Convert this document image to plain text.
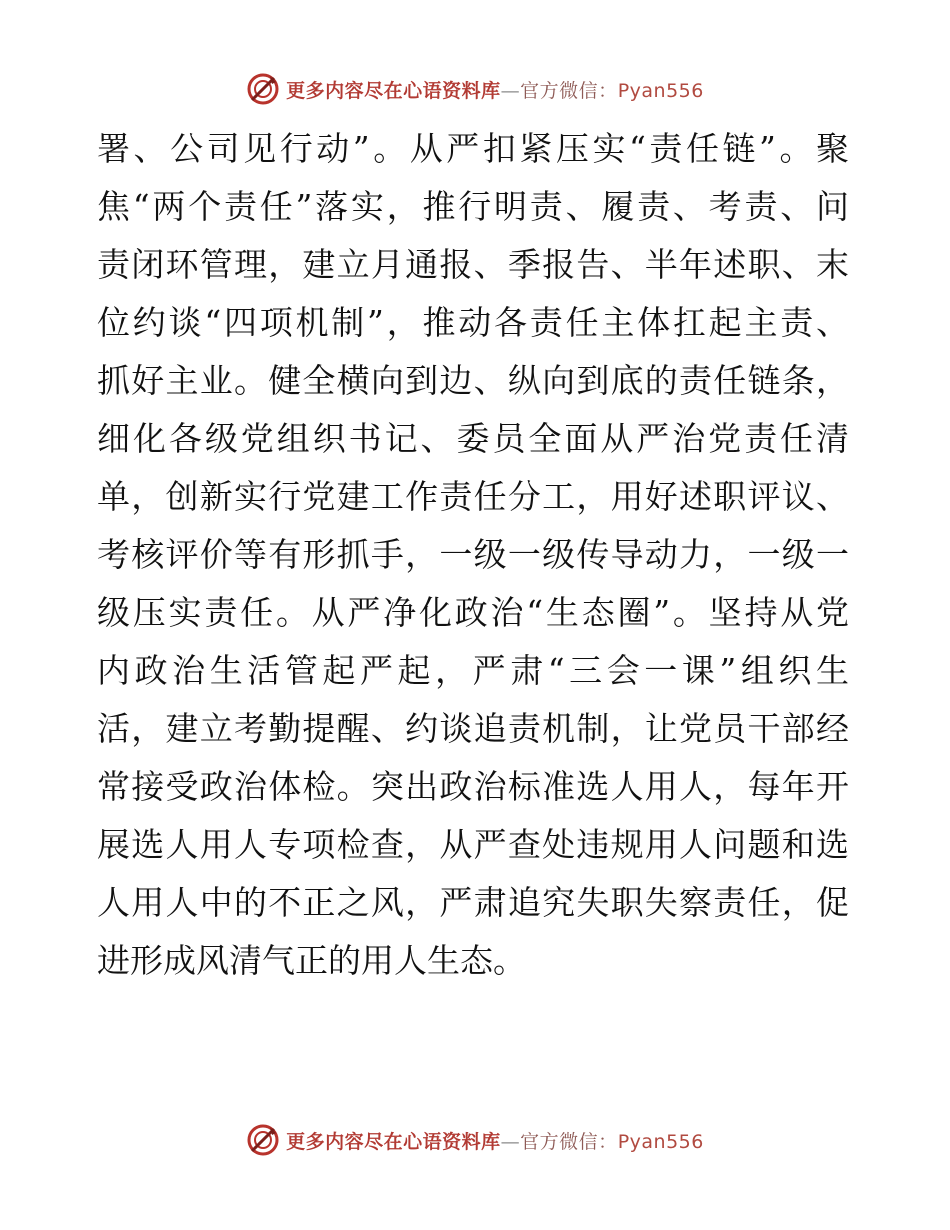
更多内容尽在心语资料库—官方微信：Pyan556
署、公司见行动”。从严扣紧压实“责任链”。聚
焦“两个责任”落实，推行明责、履责、考责、问
责闭环管理，建立月通报、季报告、半年述职、末
位约谈“四项机制”，推动各责任主体扛起主责、
抓好主业。健全横向到边、纵向到底的责任链条，
细化各级党组织书记、委员全面从严治党责任清
单，创新实行党建工作责任分工，用好述职评议、
考核评价等有形抓手，一级一级传导动力，一级一
级压实责任。从严净化政治“生态圈”。坚持从党
内政治生活管起严起，严肃“三会一课”组织生
活，建立考勤提醒、约谈追责机制，让党员干部经
常接受政治体检。突出政治标准选人用人，每年开
展选人用人专项检查，从严查处违规用人问题和选
人用人中的不正之风，严肃追究失职失察责任，促
进形成风清气正的用人生态。
更多内容尽在心语资料库—官方微信：Pyan556
